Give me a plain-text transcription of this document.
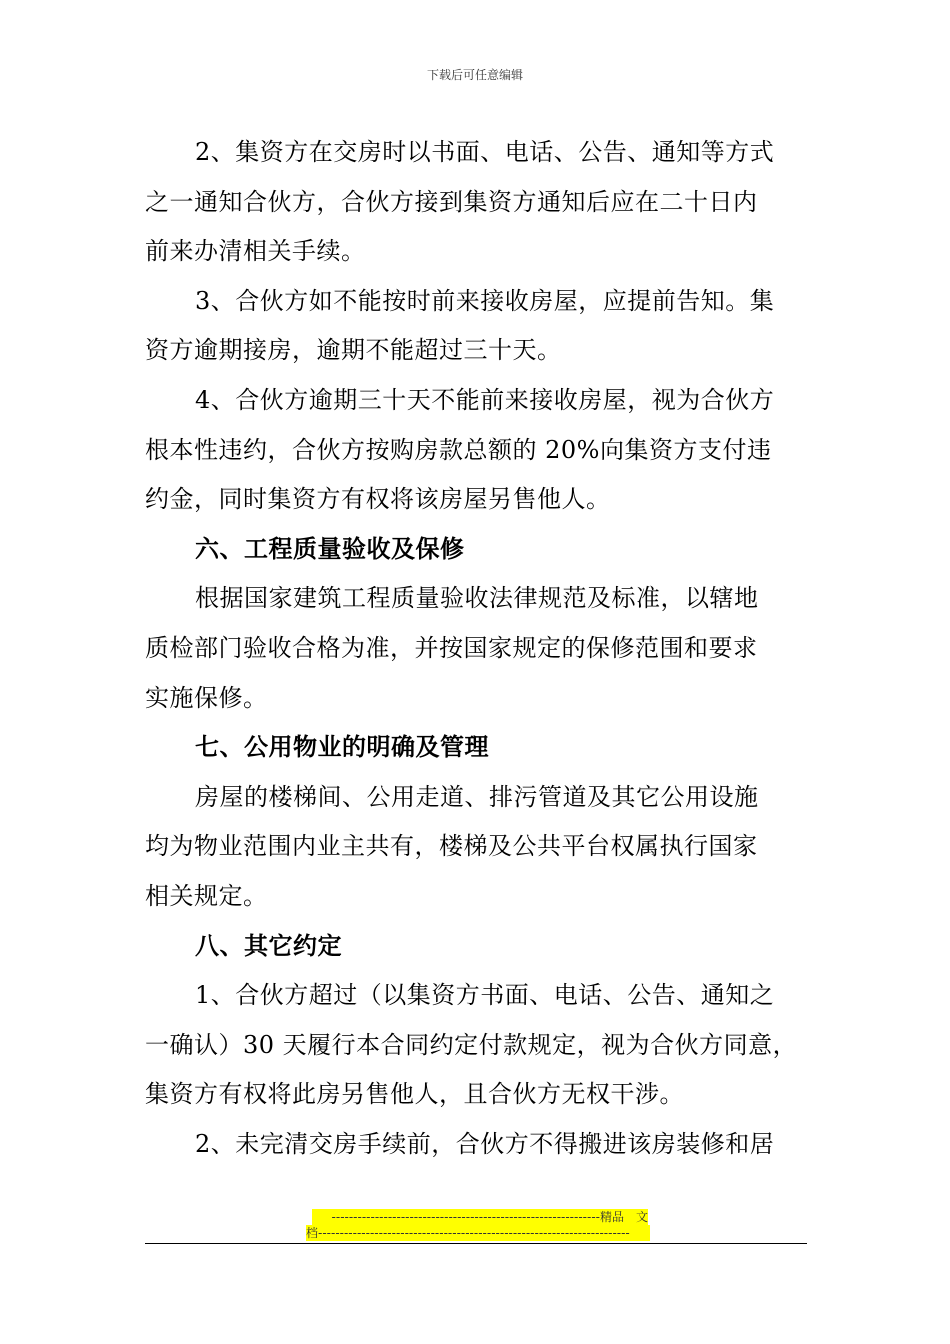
下载后可任意编辑
2、集资方在交房时以书面、电话、公告、通知等方式
之一通知合伙方，合伙方接到集资方通知后应在二十日内
前来办清相关手续。
3、合伙方如不能按时前来接收房屋，应提前告知。集
资方逾期接房，逾期不能超过三十天。
4、合伙方逾期三十天不能前来接收房屋，视为合伙方
根本性违约，合伙方按购房款总额的 20%向集资方支付违
约金，同时集资方有权将该房屋另售他人。
六、工程质量验收及保修
根据国家建筑工程质量验收法律规范及标准，以辖地
质检部门验收合格为准，并按国家规定的保修范围和要求
实施保修。
七、公用物业的明确及管理
房屋的楼梯间、公用走道、排污管道及其它公用设施
均为物业范围内业主共有，楼梯及公共平台权属执行国家
相关规定。
八、其它约定
1、合伙方超过（以集资方书面、电话、公告、通知之
一确认）30 天履行本合同约定付款规定，视为合伙方同意，
集资方有权将此房另售他人，且合伙方无权干涉。
2、未完清交房手续前，合伙方不得搬进该房装修和居
--------------------------------------------------------------精品　文
档------------------------------------------------------------------------
